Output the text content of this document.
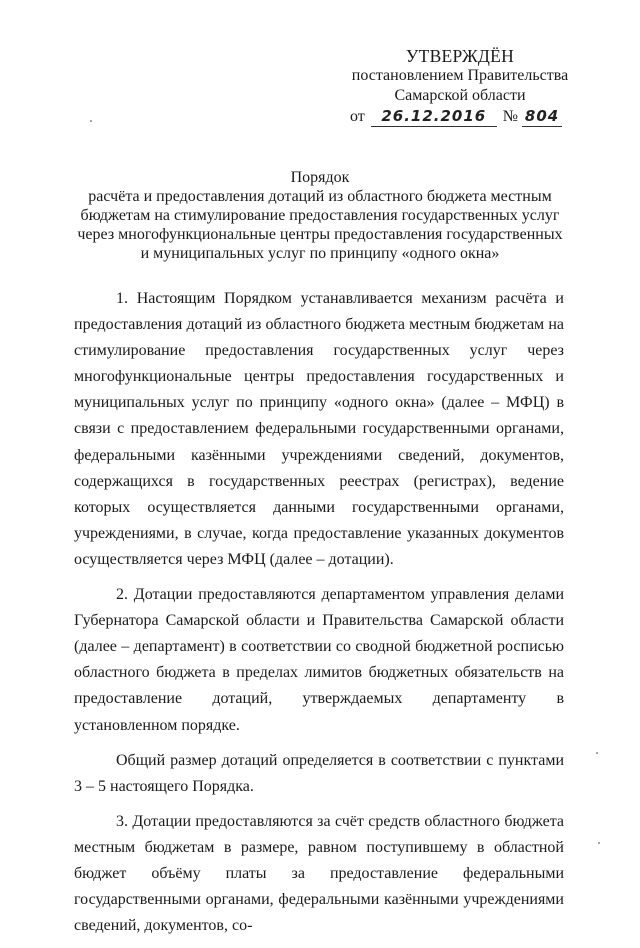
УТВЕРЖДЁН
постановлением Правительства
Самарской области
от 26.12.2016 № 804
Порядок
расчёта и предоставления дотаций из областного бюджета местным
бюджетам на стимулирование предоставления государственных услуг
через многофункциональные центры предоставления государственных
и муниципальных услуг по принципу «одного окна»

1. Настоящим Порядком устанавливается механизм расчёта и предоставления дотаций из областного бюджета местным бюджетам на стимулирование предоставления государственных услуг через многофункциональные центры предоставления государственных и муниципальных услуг по принципу «одного окна» (далее – МФЦ) в связи с предоставлением федеральными государственными органами, федеральными казёнными учреждениями сведений, документов, содержащихся в государственных реестрах (регистрах), ведение которых осуществляется данными государственными органами, учреждениями, в случае, когда предоставление указанных документов осуществляется через МФЦ (далее – дотации).

2. Дотации предоставляются департаментом управления делами Губернатора Самарской области и Правительства Самарской области (далее – департамент) в соответствии со сводной бюджетной росписью областного бюджета в пределах лимитов бюджетных обязательств на предоставление дотаций, утверждаемых департаменту в установленном порядке.

Общий размер дотаций определяется в соответствии с пунктами 3 – 5 настоящего Порядка.

3. Дотации предоставляются за счёт средств областного бюджета местным бюджетам в размере, равном поступившему в областной бюджет объёму платы за предоставление федеральными государственными органами, федеральными казёнными учреждениями сведений, документов, со-
